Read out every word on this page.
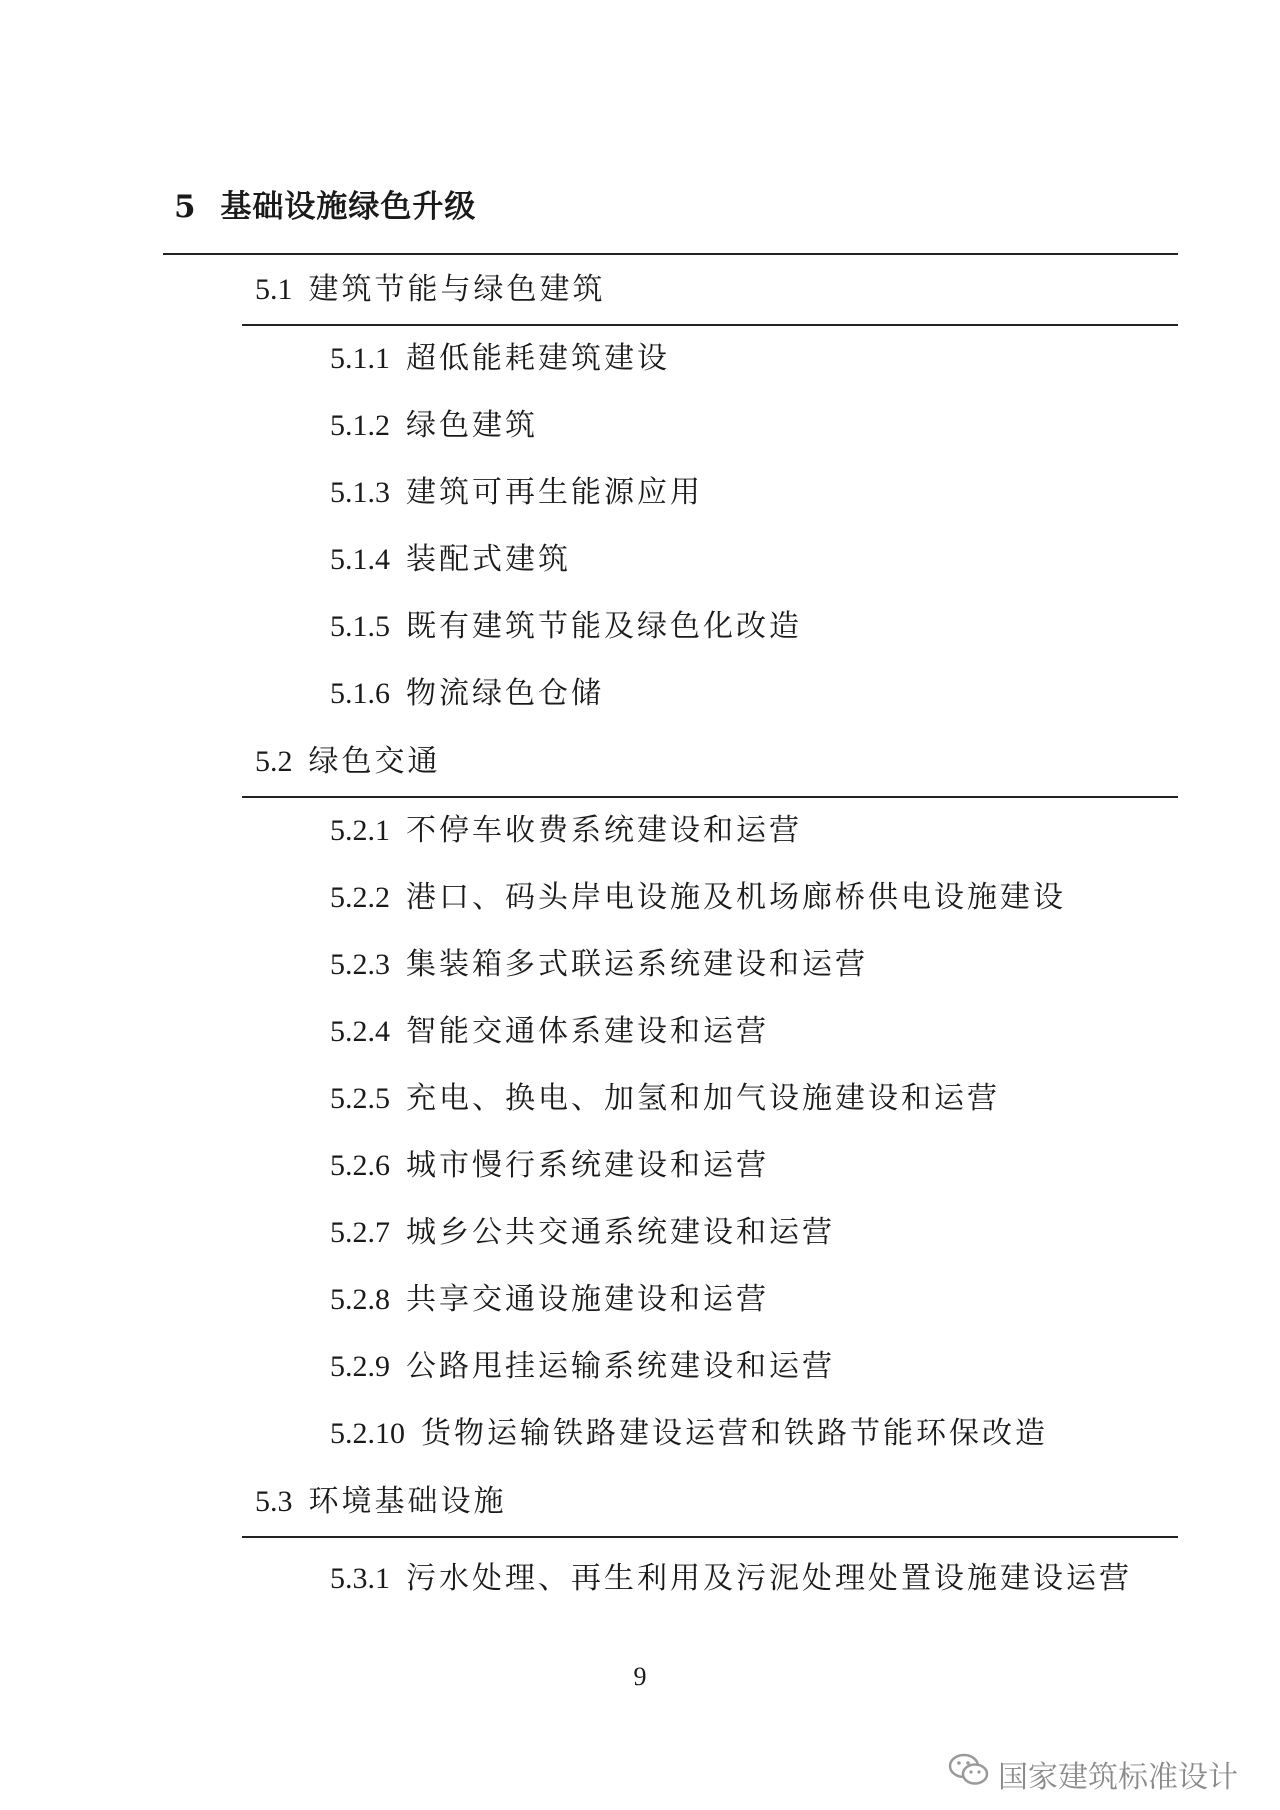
5 基础设施绿色升级
5.1 建筑节能与绿色建筑
5.1.1 超低能耗建筑建设
5.1.2 绿色建筑
5.1.3 建筑可再生能源应用
5.1.4 装配式建筑
5.1.5 既有建筑节能及绿色化改造
5.1.6 物流绿色仓储
5.2 绿色交通
5.2.1 不停车收费系统建设和运营
5.2.2 港口、码头岸电设施及机场廊桥供电设施建设
5.2.3 集装箱多式联运系统建设和运营
5.2.4 智能交通体系建设和运营
5.2.5 充电、换电、加氢和加气设施建设和运营
5.2.6 城市慢行系统建设和运营
5.2.7 城乡公共交通系统建设和运营
5.2.8 共享交通设施建设和运营
5.2.9 公路甩挂运输系统建设和运营
5.2.10 货物运输铁路建设运营和铁路节能环保改造
5.3 环境基础设施
5.3.1 污水处理、再生利用及污泥处理处置设施建设运营
9
国家建筑标准设计
